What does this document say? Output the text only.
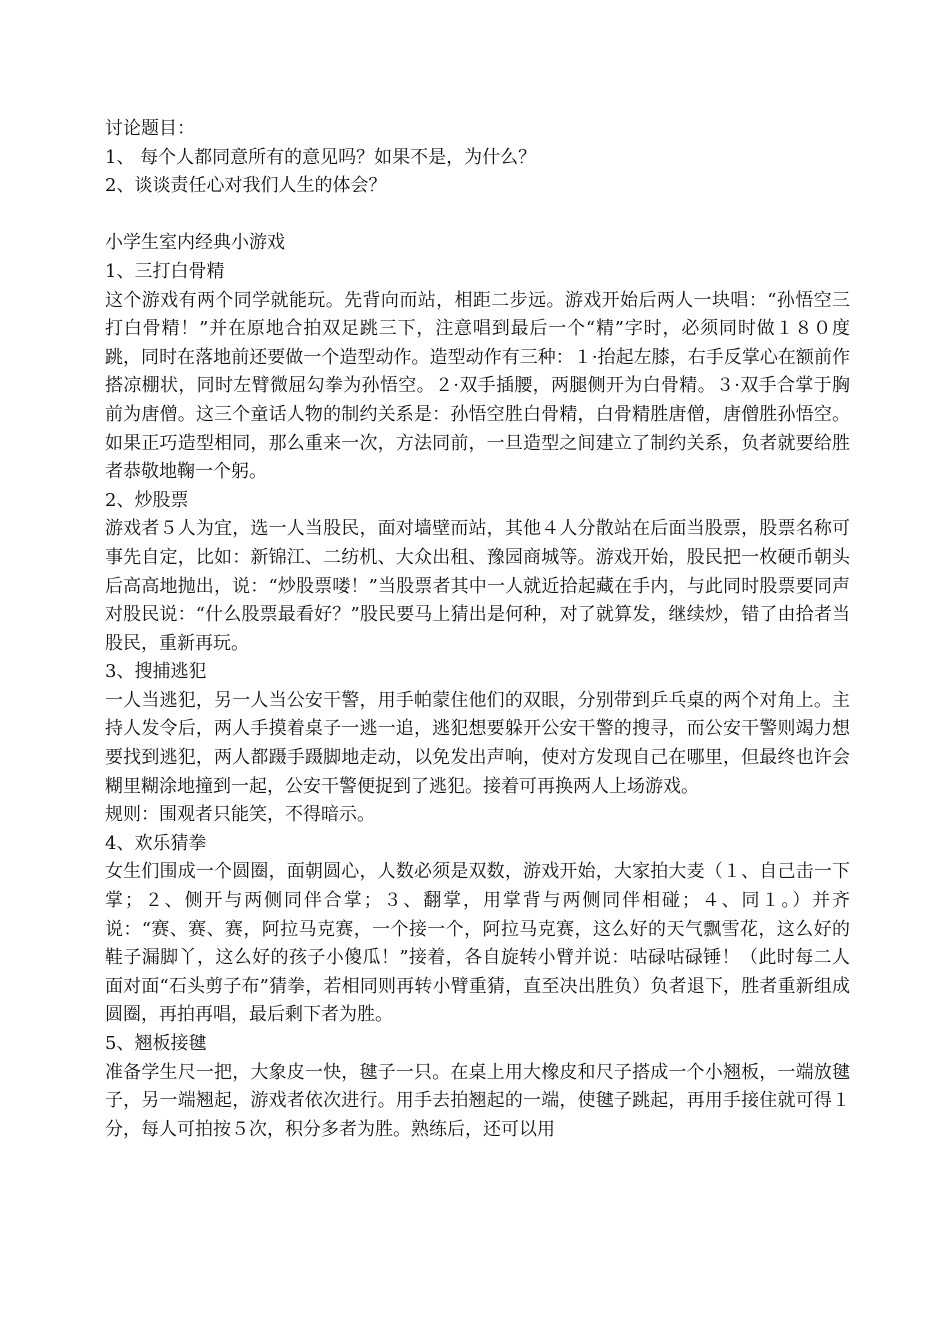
讨论题目：
1、 每个人都同意所有的意见吗？如果不是，为什么？
2、谈谈责任心对我们人生的体会？
小学生室内经典小游戏
1、三打白骨精
这个游戏有两个同学就能玩。先背向而站，相距二步远。游戏开始后两人一块唱：“孙悟空三打白骨精！”并在原地合拍双足跳三下，注意唱到最后一个“精”字时，必须同时做１８０度跳，同时在落地前还要做一个造型动作。造型动作有三种：１·抬起左膝，右手反掌心在额前作搭凉棚状，同时左臂微屈勾拳为孙悟空。２·双手插腰，两腿侧开为白骨精。３·双手合掌于胸前为唐僧。这三个童话人物的制约关系是：孙悟空胜白骨精，白骨精胜唐僧，唐僧胜孙悟空。如果正巧造型相同，那么重来一次，方法同前，一旦造型之间建立了制约关系，负者就要给胜者恭敬地鞠一个躬。
2、炒股票
游戏者５人为宜，选一人当股民，面对墙壁而站，其他４人分散站在后面当股票，股票名称可事先自定，比如：新锦江、二纺机、大众出租、豫园商城等。游戏开始，股民把一枚硬币朝头后高高地抛出，说：“炒股票喽！”当股票者其中一人就近拾起藏在手内，与此同时股票要同声对股民说：“什么股票最看好？”股民要马上猜出是何种，对了就算发，继续炒，错了由拾者当股民，重新再玩。
3、搜捕逃犯
一人当逃犯，另一人当公安干警，用手帕蒙住他们的双眼，分别带到乒乓桌的两个对角上。主持人发令后，两人手摸着桌子一逃一追，逃犯想要躲开公安干警的搜寻，而公安干警则竭力想要找到逃犯，两人都蹑手蹑脚地走动，以免发出声响，使对方发现自己在哪里，但最终也许会糊里糊涂地撞到一起，公安干警便捉到了逃犯。接着可再换两人上场游戏。
规则：围观者只能笑，不得暗示。
4、欢乐猜拳
女生们围成一个圆圈，面朝圆心，人数必须是双数，游戏开始，大家拍大麦（１、自己击一下掌；２、侧开与两侧同伴合掌；３、翻掌，用掌背与两侧同伴相碰；４、同１。）并齐说：“赛、赛、赛，阿拉马克赛，一个接一个，阿拉马克赛，这么好的天气飘雪花，这么好的鞋子漏脚丫，这么好的孩子小傻瓜！”接着，各自旋转小臂并说：咕碌咕碌锤！（此时每二人面对面“石头剪子布”猜拳，若相同则再转小臂重猜，直至决出胜负）负者退下，胜者重新组成圆圈，再拍再唱，最后剩下者为胜。
5、翘板接毽
准备学生尺一把，大象皮一快，毽子一只。在桌上用大橡皮和尺子搭成一个小翘板，一端放毽子，另一端翘起，游戏者依次进行。用手去拍翘起的一端，使毽子跳起，再用手接住就可得１分，每人可拍按５次，积分多者为胜。熟练后，还可以用
